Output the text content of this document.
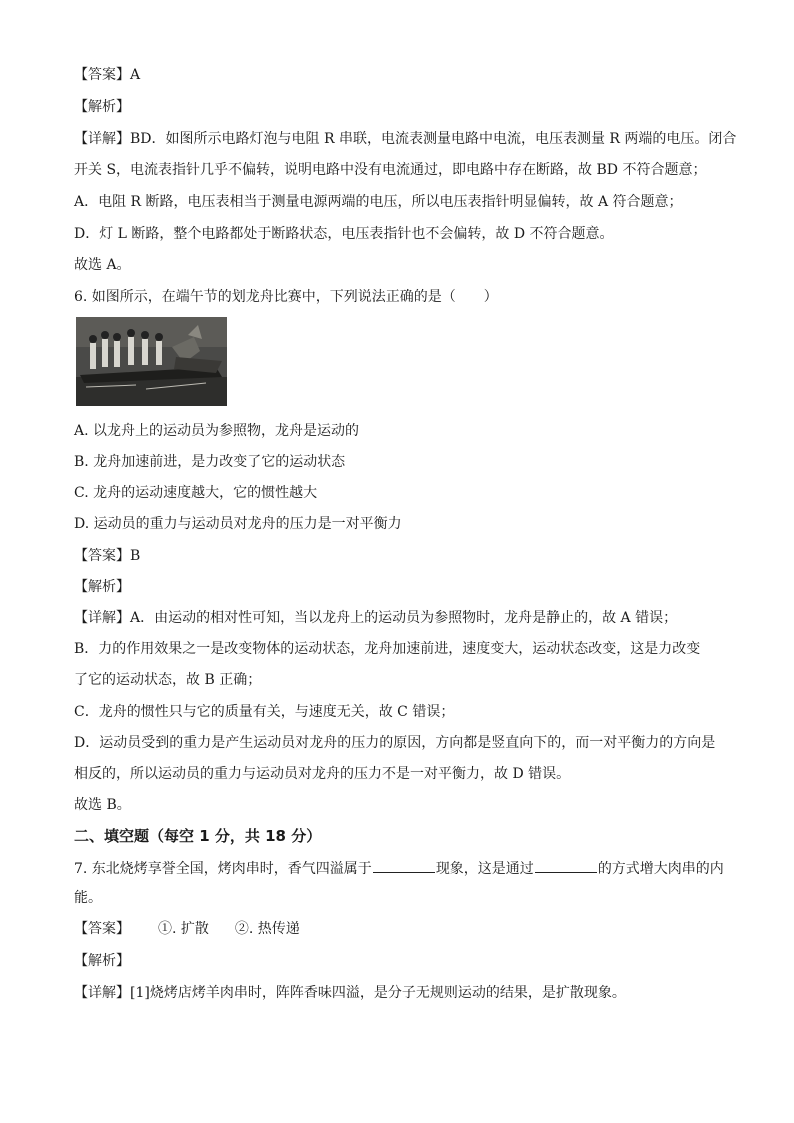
【答案】A
【解析】
【详解】BD．如图所示电路灯泡与电阻 R 串联，电流表测量电路中电流，电压表测量 R 两端的电压。闭合
开关 S，电流表指针几乎不偏转，说明电路中没有电流通过，即电路中存在断路，故 BD 不符合题意；
A．电阻 R 断路，电压表相当于测量电源两端的电压，所以电压表指针明显偏转，故 A 符合题意；
D．灯 L 断路，整个电路都处于断路状态，电压表指针也不会偏转，故 D 不符合题意。
故选 A。
6. 如图所示，在端午节的划龙舟比赛中，下列说法正确的是（　　）
A. 以龙舟上的运动员为参照物，龙舟是运动的
B. 龙舟加速前进，是力改变了它的运动状态
C. 龙舟的运动速度越大，它的惯性越大
D. 运动员的重力与运动员对龙舟的压力是一对平衡力
【答案】B
【解析】
【详解】A．由运动的相对性可知，当以龙舟上的运动员为参照物时，龙舟是静止的，故 A 错误；
B．力的作用效果之一是改变物体的运动状态，龙舟加速前进，速度变大，运动状态改变，这是力改变
了它的运动状态，故 B 正确；
C．龙舟的惯性只与它的质量有关，与速度无关，故 C 错误；
D．运动员受到的重力是产生运动员对龙舟的压力的原因，方向都是竖直向下的，而一对平衡力的方向是
相反的，所以运动员的重力与运动员对龙舟的压力不是一对平衡力，故 D 错误。
故选 B。
二、填空题（每空 1 分，共 18 分）
7. 东北烧烤享誉全国，烤肉串时，香气四溢属于	现象，这是通过	的方式增大肉串的内
能。
【答案】 ①. 扩散 ②. 热传递
【解析】
【详解】[1]烧烤店烤羊肉串时，阵阵香味四溢，是分子无规则运动的结果，是扩散现象。
